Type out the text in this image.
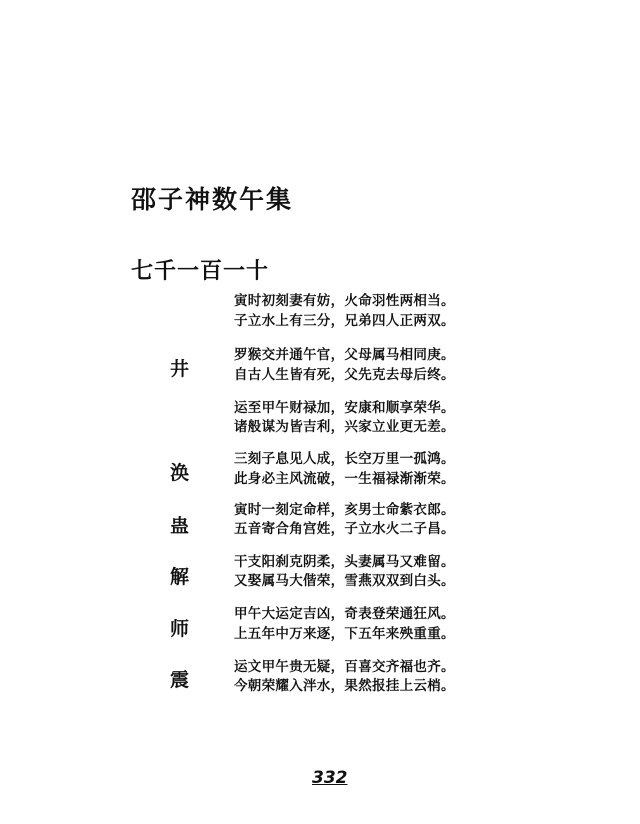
邵子神数午集
七千一百一十
寅时初刻妻有妨，火命羽性两相当。
子立水上有三分，兄弟四人正两双。
罗猴交并通午官，父母属马相同庚。
自古人生皆有死，父先克去母后终。
运至甲午财禄加，安康和顺享荣华。
诸般谋为皆吉利，兴家立业更无差。
三刻子息见人成，长空万里一孤鸿。
此身必主风流破，一生福禄渐渐荣。
寅时一刻定命样，亥男士命紫衣郎。
五音寄合角宫姓，子立水火二子昌。
干支阳刹克阴柔，头妻属马又难留。
又娶属马大偕荣，雪燕双双到白头。
甲午大运定吉凶，奇表登荣通狂风。
上五年中万来逐，下五年来殃重重。
运文甲午贵无疑，百喜交齐福也齐。
今朝荣耀入泮水，果然报挂上云梢。
井
涣
蛊
解
师
震
332
